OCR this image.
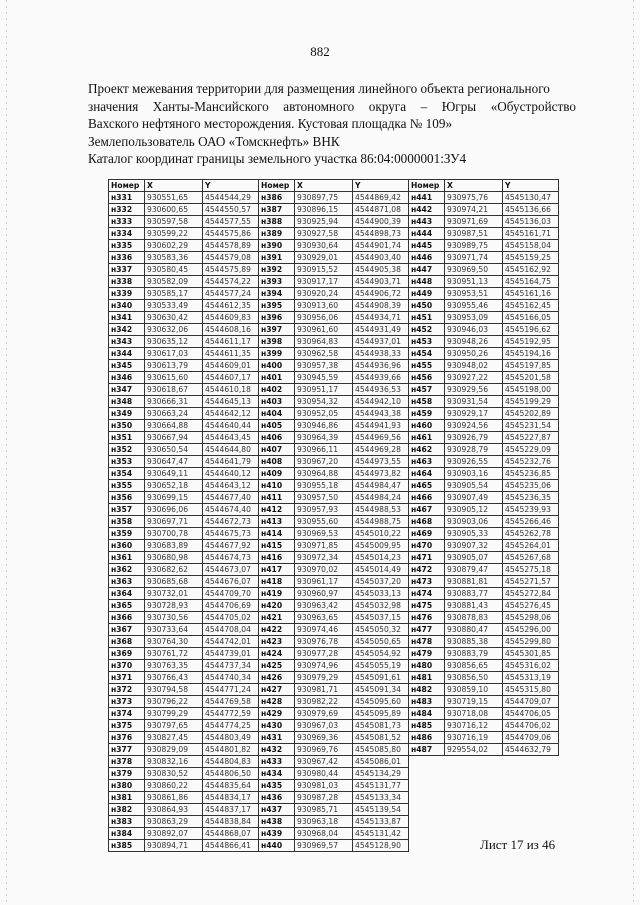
882
Проект межевания территории для размещения линейного объекта регионального
значения Ханты-Мансийского автономного округа – Югры «Обустройство
Вахского нефтяного месторождения. Кустовая площадка № 109»
Землепользователь ОАО «Томскнефть» ВНК
Каталог координат границы земельного участка 86:04:0000001:ЗУ4
Номер	X	Y	Номер	X	Y	Номер	X	Y
н331	930551,65	4544544,29	н386	930897,75	4544869,42	н441	930975,76	4545130,47
н332	930600,65	4544550,57	н387	930896,15	4544871,08	н442	930974,21	4545136,66
н333	930597,58	4544577,55	н388	930925,94	4544900,39	н443	930971,69	4545136,03
н334	930599,22	4544575,86	н389	930927,58	4544898,73	н444	930987,51	4545161,71
н335	930602,29	4544578,89	н390	930930,64	4544901,74	н445	930989,75	4545158,04
н336	930583,36	4544579,08	н391	930929,01	4544903,40	н446	930971,74	4545159,25
н337	930580,45	4544575,89	н392	930915,52	4544905,38	н447	930969,50	4545162,92
н338	930582,09	4544574,22	н393	930917,17	4544903,71	н448	930951,13	4545164,75
н339	930585,17	4544577,24	н394	930920,24	4544906,72	н449	930953,51	4545161,16
н340	930533,49	4544612,35	н395	930913,60	4544908,39	н450	930955,46	4545162,45
н341	930630,42	4544609,83	н396	930956,06	4544934,71	н451	930953,09	4545166,05
н342	930632,06	4544608,16	н397	930961,60	4544931,49	н452	930946,03	4545196,62
н343	930635,12	4544611,17	н398	930964,83	4544937,01	н453	930948,26	4545192,95
н344	930617,03	4544611,35	н399	930962,58	4544938,33	н454	930950,26	4545194,16
н345	930613,79	4544609,01	н400	930957,38	4544936,96	н455	930948,02	4545197,85
н346	930615,60	4544607,17	н401	930945,59	4544939,66	н456	930927,22	4545201,58
н347	930618,67	4544610,18	н402	930951,17	4544936,53	н457	930929,56	4545198,00
н348	930666,31	4544645,13	н403	930954,32	4544942,10	н458	930931,54	4545199,29
н349	930663,24	4544642,12	н404	930952,05	4544943,38	н459	930929,17	4545202,89
н350	930664,88	4544640,44	н405	930946,86	4544941,93	н460	930924,56	4545231,54
н351	930667,94	4544643,45	н406	930964,39	4544969,56	н461	930926,79	4545227,87
н352	930650,54	4544644,80	н407	930966,11	4544969,28	н462	930928,79	4545229,09
н353	930647,47	4544641,79	н408	930967,20	4544973,55	н463	930926,55	4545232,76
н354	930649,11	4544640,12	н409	930964,88	4544973,82	н464	930903,16	4545236,85
н355	930652,18	4544643,12	н410	930955,18	4544984,47	н465	930905,54	4545235,06
н356	930699,15	4544677,40	н411	930957,50	4544984,24	н466	930907,49	4545236,35
н357	930696,06	4544674,40	н412	930957,93	4544988,53	н467	930905,12	4545239,93
н358	930697,71	4544672,73	н413	930955,60	4544988,75	н468	930903,06	4545266,46
н359	930700,78	4544675,73	н414	930969,53	4545010,22	н469	930905,33	4545262,78
н360	930683,89	4544677,92	н415	930971,85	4545009,95	н470	930907,32	4545264,01
н361	930680,98	4544674,73	н416	930972,34	4545014,23	н471	930905,07	4545267,68
н362	930682,62	4544673,07	н417	930970,02	4545014,49	н472	930879,47	4545275,18
н363	930685,68	4544676,07	н418	930961,17	4545037,20	н473	930881,81	4545271,57
н364	930732,01	4544709,70	н419	930960,97	4545033,13	н474	930883,77	4545272,84
н365	930728,93	4544706,69	н420	930963,42	4545032,98	н475	930881,43	4545276,45
н366	930730,56	4544705,02	н421	930963,65	4545037,15	н476	930878,83	4545298,06
н367	930733,64	4544708,04	н422	930974,46	4545050,32	н477	930880,47	4545296,00
н368	930764,30	4544742,01	н423	930976,78	4545050,65	н478	930885,38	4545299,80
н369	930761,72	4544739,01	н424	930977,28	4545054,92	н479	930883,79	4545301,85
н370	930763,35	4544737,34	н425	930974,96	4545055,19	н480	930856,65	4545316,02
н371	930766,43	4544740,34	н426	930979,29	4545091,61	н481	930856,50	4545313,19
н372	930794,58	4544771,24	н427	930981,71	4545091,34	н482	930859,10	4545315,80
н373	930796,22	4544769,58	н428	930982,22	4545095,60	н483	930719,15	4544709,07
н374	930799,29	4544772,59	н429	930979,69	4545095,89	н484	930718,08	4544706,05
н375	930797,65	4544774,25	н430	930967,03	4545081,73	н485	930716,12	4544706,02
н376	930827,45	4544803,49	н431	930969,36	4545081,52	н486	930716,19	4544709,06
н377	930829,09	4544801,82	н432	930969,76	4545085,80	н487	929554,02	4544632,79
н378	930832,16	4544804,83	н433	930967,42	4545086,01			
н379	930830,52	4544806,50	н434	930980,44	4545134,29			
н380	930860,22	4544835,64	н435	930981,03	4545131,77			
н381	930861,86	4544834,17	н436	930987,28	4545133,34			
н382	930864,93	4544837,17	н437	930985,71	4545139,54			
н383	930863,29	4544838,84	н438	930963,18	4545133,87			
н384	930892,07	4544868,07	н439	930968,04	4545131,42			
н385	930894,71	4544866,41	н440	930969,57	4545128,90				Лист 17 из 46
